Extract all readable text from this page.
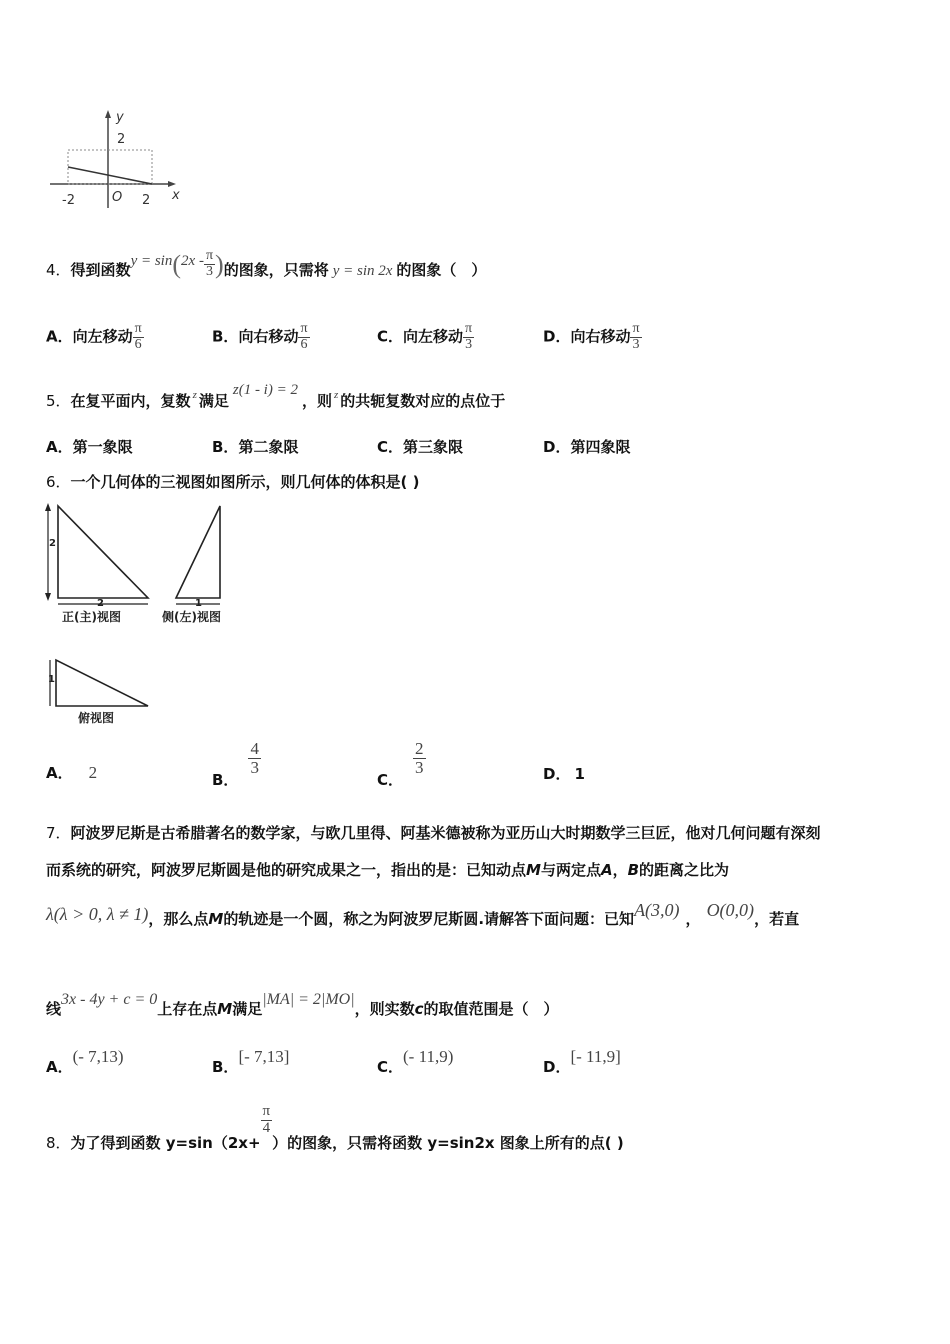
y
2
x
-2	O 2
4．得到函数$y = \sin(2x - \frac{\pi}{3}$ )的图象，只需将 y = sin 2x 的图象（　）
A．向左移动 $\frac{\pi}{6}$	B．向右移动 $\frac{\pi}{6}$	C．向左移动 $\frac{\pi}{3}$	D．向右移动 $\frac{\pi}{3}$
5．在复平面内，复数 $^z$ 满足z(1 - i) = 2，则 $^z$ 的共轭复数对应的点位于
A．第一象限	B．第二象限	C．第三象限	D．第四象限
6．一个几何体的三视图如图所示，则几何体的体积是( )
2
2
正(主)视图
1
侧(左)视图
1
俯视图
A． 2	B．
$\frac{4}{3}$
C．
$\frac{2}{3}$	D． 1
7．阿波罗尼斯是古希腊著名的数学家，与欧几里得、阿基米德被称为亚历山大时期数学三巨匠，他对几何问题有深刻
而系统的研究，阿波罗尼斯圆是他的研究成果之一，指出的是：已知动点M与两定点A，B的距离之比为
λ(λ > 0, λ ≠ 1)，那么点M的轨迹是一个圆，称之为阿波罗尼斯圆.请解答下面问题：已知A(3,0) ， O(0,0)，若直
线3x - 4y + c = 0上存在点M满足|MA| = 2|MO|，则实数c的取值范围是（　）
A．(- 7,13)
B．[- 7,13]
C．(- 11,9)
D．[- 11,9]
8．为了得到函数 y=sin（2x+
$\frac{\pi}{4}$
）的图象，只需将函数 y=sin2x 图象上所有的点( )
